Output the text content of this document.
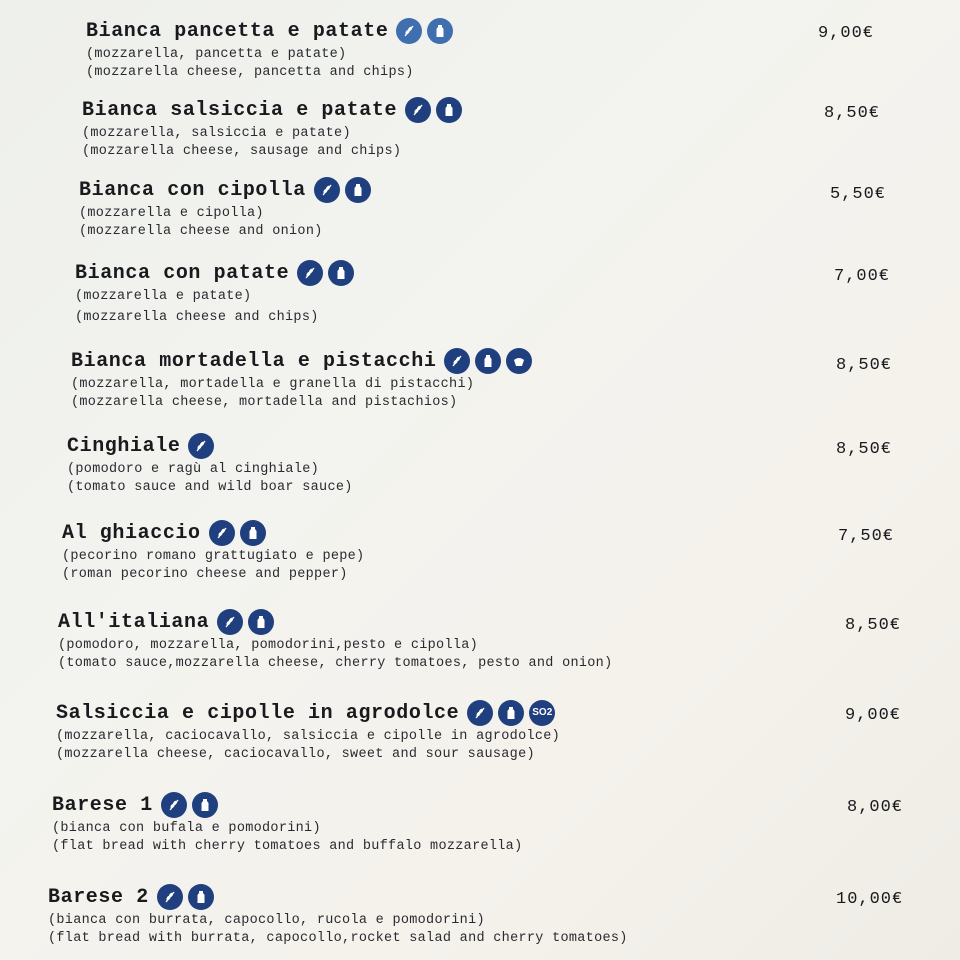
Bianca pancetta e patate
(mozzarella, pancetta e patate)
(mozzarella cheese, pancetta and chips)
9,00€
Bianca salsiccia e patate
(mozzarella, salsiccia e patate)
(mozzarella cheese, sausage and chips)
8,50€
Bianca con cipolla
(mozzarella e cipolla)
(mozzarella cheese and onion)
5,50€
Bianca con patate
(mozzarella e patate)
(mozzarella cheese and chips)
7,00€
Bianca mortadella e pistacchi
(mozzarella, mortadella e granella di pistacchi)
(mozzarella cheese, mortadella and pistachios)
8,50€
Cinghiale
(pomodoro e ragù al cinghiale)
(tomato sauce and wild boar sauce)
8,50€
Al ghiaccio
(pecorino romano grattugiato e pepe)
(roman pecorino cheese and pepper)
7,50€
All'italiana
(pomodoro, mozzarella, pomodorini,pesto e cipolla)
(tomato sauce,mozzarella cheese, cherry tomatoes, pesto and onion)
8,50€
Salsiccia e cipolle in agrodolce	SO2
(mozzarella, caciocavallo, salsiccia e cipolle in agrodolce)
(mozzarella cheese, caciocavallo, sweet and sour sausage)
9,00€
Barese 1
(bianca con bufala e pomodorini)
(flat bread with cherry tomatoes and buffalo mozzarella)
8,00€
Barese 2
(bianca con burrata, capocollo, rucola e pomodorini)
(flat bread with burrata, capocollo,rocket salad and cherry tomatoes)
10,00€
